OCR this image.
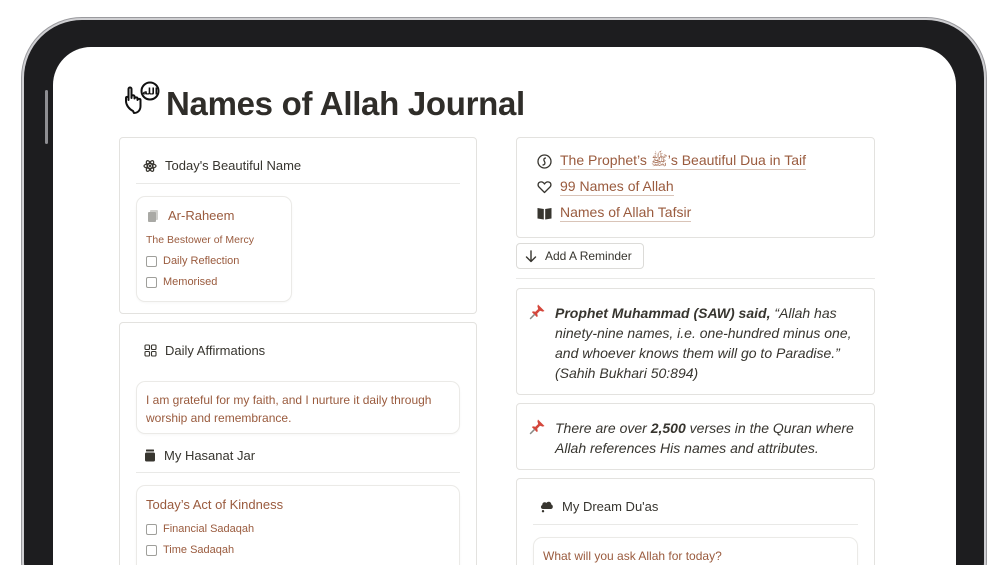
الله Names of Allah Journal
Today's Beautiful Name
Ar-Raheem
The Bestower of Mercy
Daily Reflection
Memorised
Daily Affirmations
I am grateful for my faith, and I nurture it daily through worship and remembrance.
My Hasanat Jar
Today’s Act of Kindness
Financial Sadaqah
Time Sadaqah
The Prophet’s ﷺ’s Beautiful Dua in Taif
99 Names of Allah
Names of Allah Tafsir
Add A Reminder
Prophet Muhammad (SAW) said, “Allah has ninety-nine names, i.e. one-hundred minus one, and whoever knows them will go to Paradise.” (Sahih Bukhari 50:894)
There are over 2,500 verses in the Quran where Allah references His names and attributes.
My Dream Du'as
What will you ask Allah for today?
